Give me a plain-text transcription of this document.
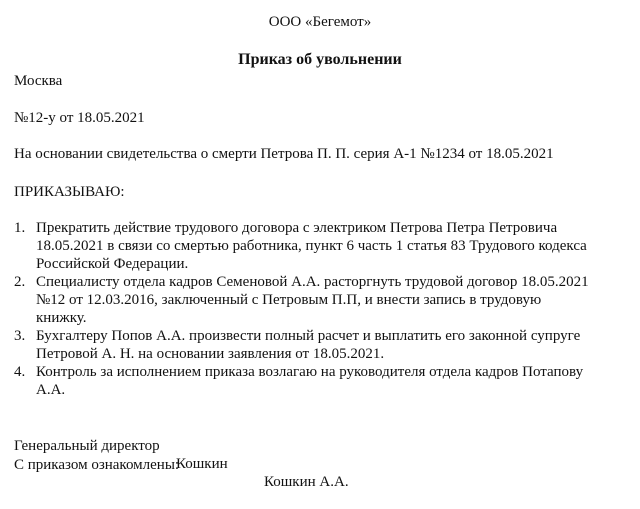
ООО «Бегемот»
Приказ об увольнении
Москва
№12-у от 18.05.2021
На основании свидетельства о смерти Петрова П. П. серия А-1 №1234 от 18.05.2021
ПРИКАЗЫВАЮ:
1. Прекратить действие трудового договора с электриком Петрова Петра Петровича
18.05.2021 в связи со смертью работника, пункт 6 часть 1 статья 83 Трудового кодекса
Российской Федерации.
2. Специалисту отдела кадров Семеновой А.А. расторгнуть трудовой договор 18.05.2021
№12 от 12.03.2016, заключенный с Петровым П.П, и внести запись в трудовую
книжку.
3. Бухгалтеру Попов А.А. произвести полный расчет и выплатить его законной супруге
Петровой А. Н. на основании заявления от 18.05.2021.
4. Контроль за исполнением приказа возлагаю на руководителя отдела кадров Потапову
А.А.

Генеральный директор

Кошкин

Кошкин А.А.

С приказом ознакомлены:
